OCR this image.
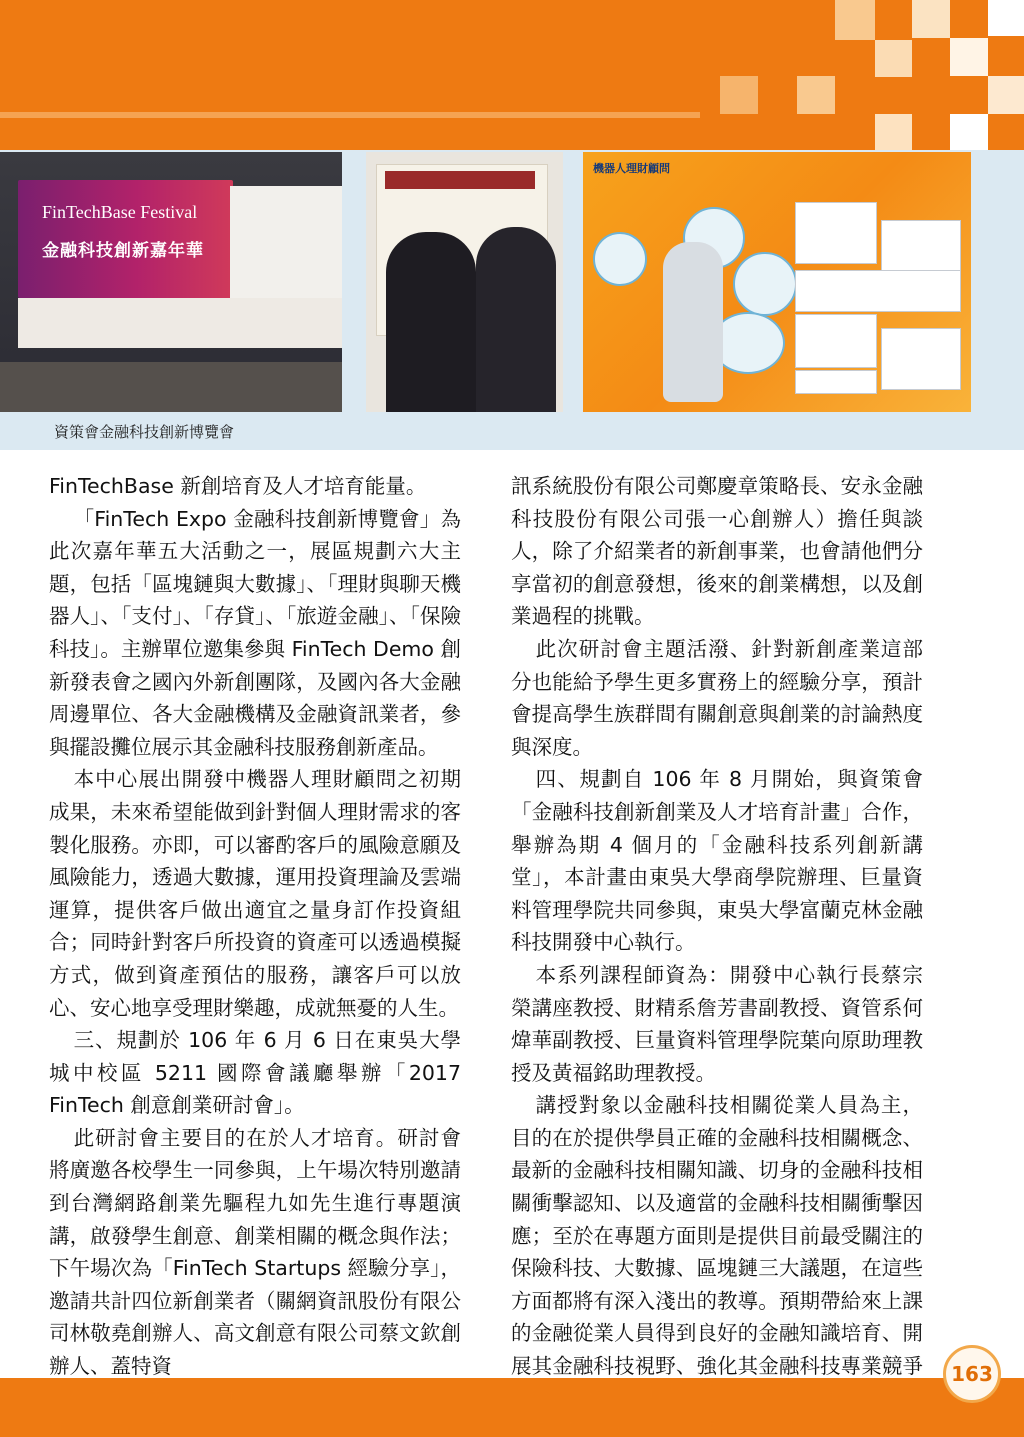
FinTechBase Festival
金融科技創新嘉年華
機器人理財顧問
資策會金融科技創新博覽會

FinTechBase 新創培育及人才培育能量。

「FinTech Expo 金融科技創新博覽會」為此次嘉年華五大活動之一，展區規劃六大主題，包括「區塊鏈與大數據」、「理財與聊天機器人」、「支付」、「存貸」、「旅遊金融」、「保險科技」。主辦單位邀集參與 FinTech Demo 創新發表會之國內外新創團隊，及國內各大金融周邊單位、各大金融機構及金融資訊業者，參與擺設攤位展示其金融科技服務創新產品。

本中心展出開發中機器人理財顧問之初期成果，未來希望能做到針對個人理財需求的客製化服務。亦即，可以審酌客戶的風險意願及風險能力，透過大數據，運用投資理論及雲端運算，提供客戶做出適宜之量身訂作投資組合；同時針對客戶所投資的資產可以透過模擬方式，做到資產預估的服務，讓客戶可以放心、安心地享受理財樂趣，成就無憂的人生。

三、規劃於 106 年 6 月 6 日在東吳大學城中校區 5211 國際會議廳舉辦「2017 FinTech 創意創業研討會」。

此研討會主要目的在於人才培育。研討會將廣邀各校學生一同參與，上午場次特別邀請到台灣網路創業先驅程九如先生進行專題演講，啟發學生創意、創業相關的概念與作法；下午場次為「FinTech Startups 經驗分享」，邀請共計四位新創業者（關網資訊股份有限公司林敬堯創辦人、高文創意有限公司蔡文欽創辦人、蓋特資

訊系統股份有限公司鄭慶章策略長、安永金融科技股份有限公司張一心創辦人）擔任與談人，除了介紹業者的新創事業，也會請他們分享當初的創意發想，後來的創業構想，以及創業過程的挑戰。

此次研討會主題活潑、針對新創產業這部分也能給予學生更多實務上的經驗分享，預計會提高學生族群間有關創意與創業的討論熱度與深度。

四、規劃自 106 年 8 月開始，與資策會「金融科技創新創業及人才培育計畫」合作，舉辦為期 4 個月的「金融科技系列創新講堂」，本計畫由東吳大學商學院辦理、巨量資料管理學院共同參與，東吳大學富蘭克林金融科技開發中心執行。

本系列課程師資為：開發中心執行長蔡宗榮講座教授、財精系詹芳書副教授、資管系何煒華副教授、巨量資料管理學院葉向原助理教授及黃福銘助理教授。

講授對象以金融科技相關從業人員為主，目的在於提供學員正確的金融科技相關概念、最新的金融科技相關知識、切身的金融科技相關衝擊認知、以及適當的金融科技相關衝擊因應；至於在專題方面則是提供目前最受關注的保險科技、大數據、區塊鏈三大議題，在這些方面都將有深入淺出的教導。預期帶給來上課的金融從業人員得到良好的金融知識培育、開展其金融科技視野、強化其金融科技專業競爭	163
